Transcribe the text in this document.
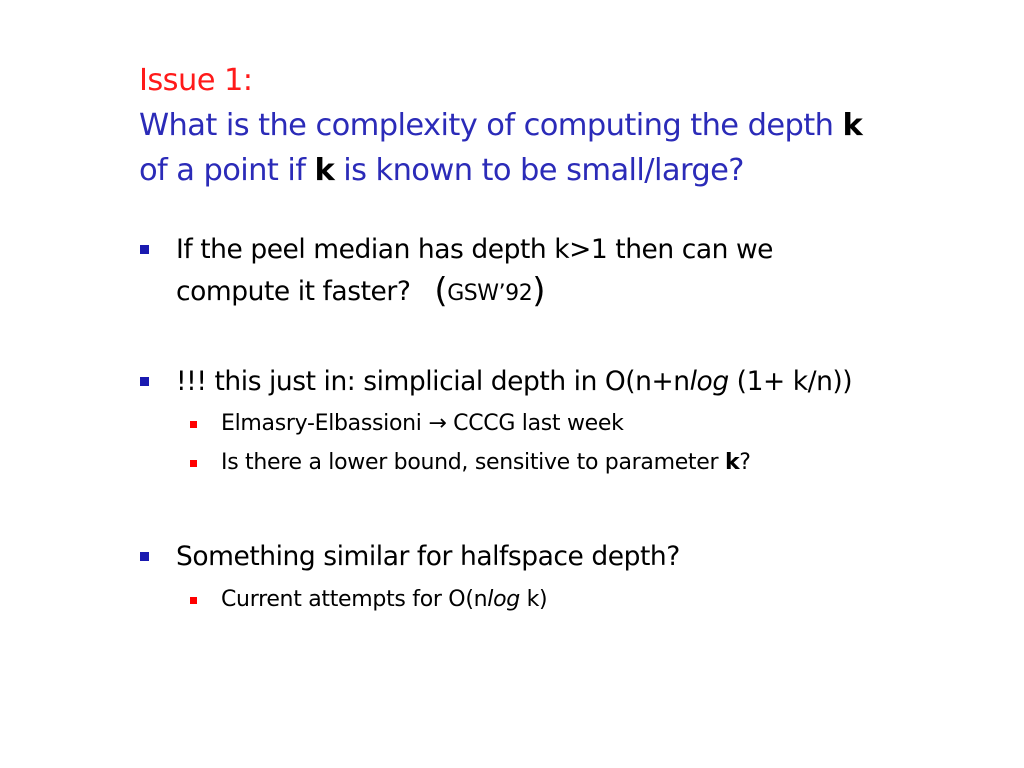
Issue 1:
What is the complexity of computing the depth k
of a point if k is known to be small/large?
If the peel median has depth k>1 then can we
compute it faster? (GSW’92)
!!! this just in: simplicial depth in O(n+nlog (1+ k/n))
Elmasry-Elbassioni → CCCG last week
Is there a lower bound, sensitive to parameter k?
Something similar for halfspace depth?
Current attempts for O(nlog k)
